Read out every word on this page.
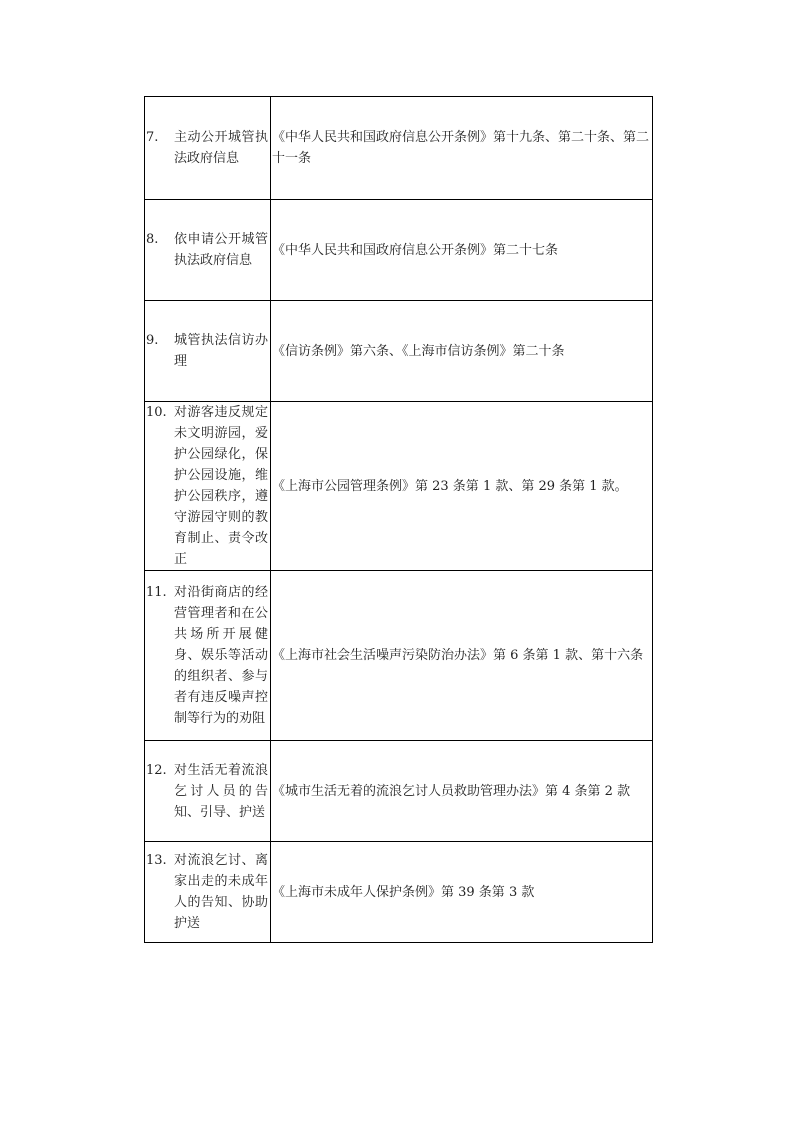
7. 主动公开城管执法政府信息	《中华人民共和国政府信息公开条例》第十九条、第二十条、第二十一条

8. 依申请公开城管执法政府信息	《中华人民共和国政府信息公开条例》第二十七条

9. 城管执法信访办理	《信访条例》第六条、《上海市信访条例》第二十条

10. 对游客违反规定未文明游园，爱护公园绿化，保护公园设施，维护公园秩序，遵守游园守则的教育制止、责令改正	《上海市公园管理条例》第 23 条第 1 款、第 29 条第 1 款。

11. 对沿街商店的经营管理者和在公共场所开展健身、娱乐等活动的组织者、参与者有违反噪声控制等行为的劝阻	《上海市社会生活噪声污染防治办法》第 6 条第 1 款、第十六条

12. 对生活无着流浪乞讨人员的告知、引导、护送	《城市生活无着的流浪乞讨人员救助管理办法》第 4 条第 2 款

13. 对流浪乞讨、离家出走的未成年人的告知、协助护送	《上海市未成年人保护条例》第 39 条第 3 款
